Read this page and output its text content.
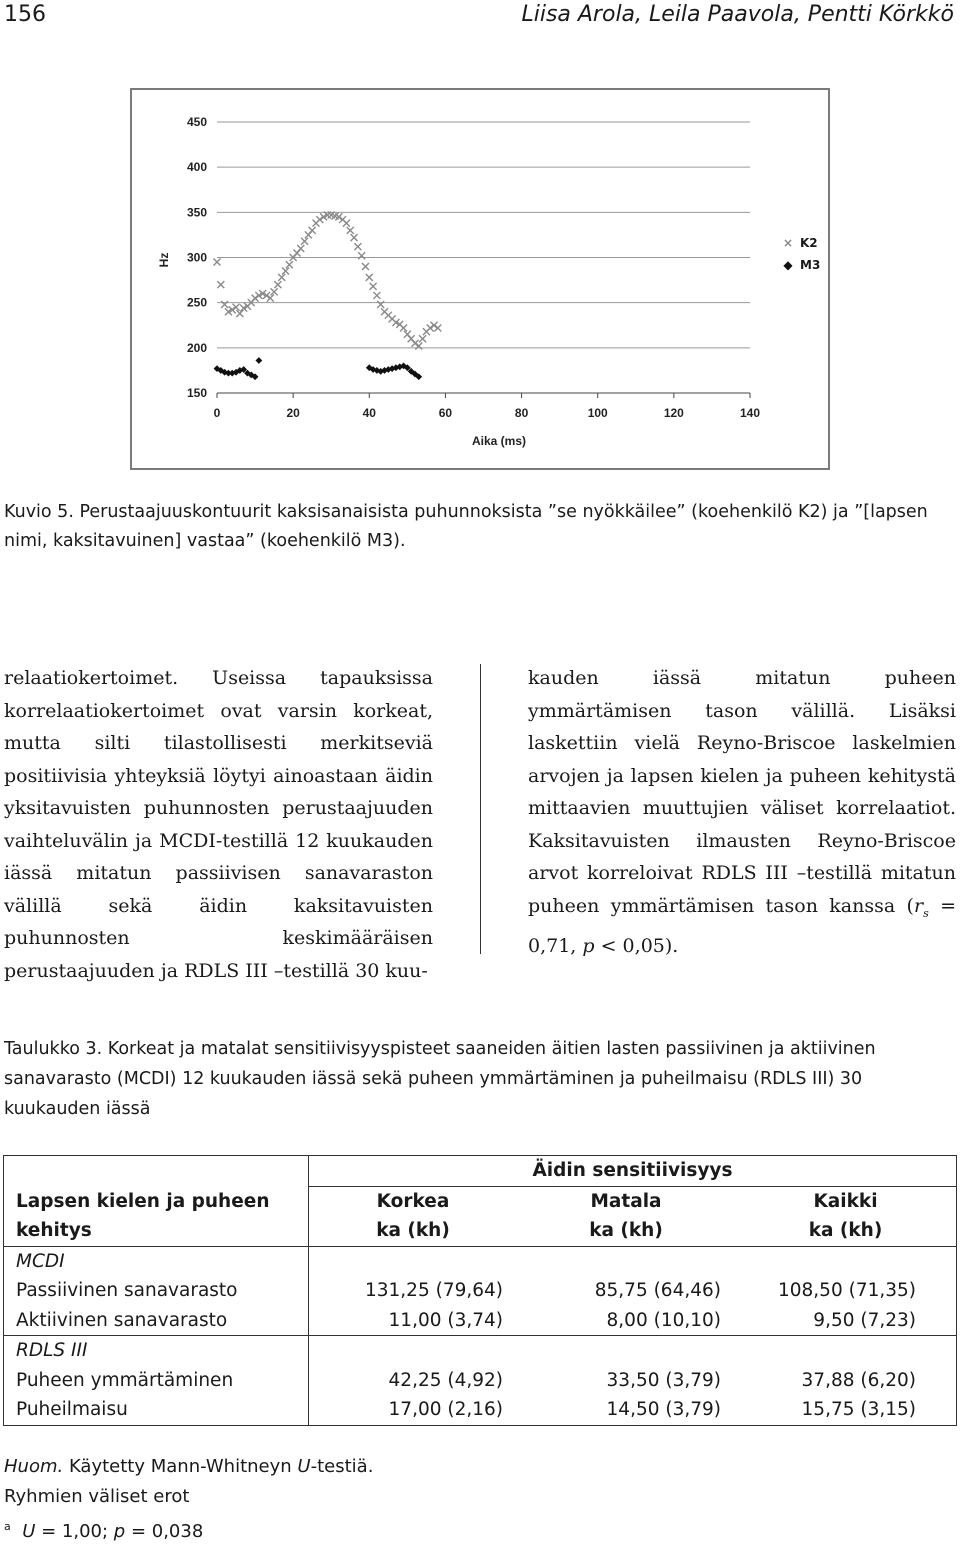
156	Liisa Arola, Leila Paavola, Pentti Körkkö
150
200
250
300
350
400
450
0	20	40	60	80	100	120	140
Aika (ms)
Hz
× K2
◆ M3
Kuvio 5. Perustaajuuskontuurit kaksisanaisista puhunnoksista ”se nyökkäilee” (koehenkilö K2) ja ”[lapsen nimi, kaksitavuinen] vastaa” (koehenkilö M3).
relaatiokertoimet. Useissa tapauksissa korrelaatiokertoimet ovat varsin korkeat, mutta silti tilastollisesti merkitseviä positiivisia yhteyksiä löytyi ainoastaan äidin yksitavuisten puhunnosten perustaajuuden vaihteluvälin ja MCDI-testillä 12 kuukauden iässä mitatun passiivisen sanavaraston välillä sekä äidin kaksitavuisten puhunnosten keskimääräisen perustaajuuden ja RDLS III –testillä 30 kuu-
kauden iässä mitatun puheen ymmärtämisen tason välillä. Lisäksi laskettiin vielä Reyno-Briscoe laskelmien arvojen ja lapsen kielen ja puheen kehitystä mittaavien muuttujien väliset korrelaatiot. Kaksitavuisten ilmausten Reyno-Briscoe arvot korreloivat RDLS III –testillä mitatun puheen ymmärtämisen tason kanssa ($r_s = 0,71$, p < 0,05).
Taulukko 3. Korkeat ja matalat sensitiivisyyspisteet saaneiden äitien lasten passiivinen ja aktiivinen sanavarasto (MCDI) 12 kuukauden iässä sekä puheen ymmärtäminen ja puheilmaisu (RDLS III) 30 kuukauden iässä
	Äidin sensitiivisyys		
Lapsen kielen ja puheen	Korkea	Matala	Kaikki
kehitys	ka (kh)	ka (kh)	ka (kh)
MCDI			
Passiivinen sanavarasto	131,25 (79,64)	85,75 (64,46)	108,50 (71,35)
Aktiivinen sanavarasto	11,00 (3,74)	8,00 (10,10)	9,50 (7,23)
RDLS III			
Puheen ymmärtäminen	42,25 (4,92)	33,50 (3,79)	37,88 (6,20)
Puheilmaisu	17,00 (2,16)	14,50 (3,79)	15,75 (3,15)
Huom. Käytetty Mann-Whitneyn U-testiä.
Ryhmien väliset erot
$^a$ U = 1,00; p = 0,038
